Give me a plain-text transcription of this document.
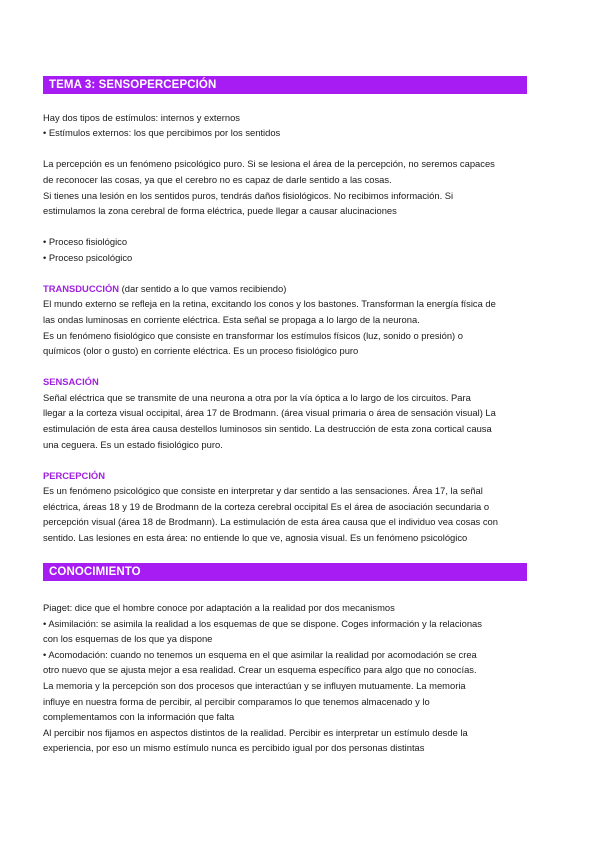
TEMA 3: SENSOPERCEPCIÓN
Hay dos tipos de estímulos: internos y externos
• Estímulos externos: los que percibimos por los sentidos
La percepción es un fenómeno psicológico puro. Si se lesiona el área de la percepción, no seremos capaces
de reconocer las cosas, ya que el cerebro no es capaz de darle sentido a las cosas.
Si tienes una lesión en los sentidos puros, tendrás daños fisiológicos. No recibimos información. Si
estimulamos la zona cerebral de forma eléctrica, puede llegar a causar alucinaciones
• Proceso fisiológico
• Proceso psicológico
TRANSDUCCIÓN (dar sentido a lo que vamos recibiendo)
El mundo externo se refleja en la retina, excitando los conos y los bastones. Transforman la energía física de
las ondas luminosas en corriente eléctrica. Esta señal se propaga a lo largo de la neurona.
Es un fenómeno fisiológico que consiste en transformar los estímulos físicos (luz, sonido o presión) o
químicos (olor o gusto) en corriente eléctrica. Es un proceso fisiológico puro
SENSACIÓN
Señal eléctrica que se transmite de una neurona a otra por la vía óptica a lo largo de los circuitos. Para
llegar a la corteza visual occipital, área 17 de Brodmann. (área visual primaria o área de sensación visual) La
estimulación de esta área causa destellos luminosos sin sentido. La destrucción de esta zona cortical causa
una ceguera. Es un estado fisiológico puro.
PERCEPCIÓN
Es un fenómeno psicológico que consiste en interpretar y dar sentido a las sensaciones. Área 17, la señal
eléctrica, áreas 18 y 19 de Brodmann de la corteza cerebral occipital Es el área de asociación secundaria o
percepción visual (área 18 de Brodmann). La estimulación de esta área causa que el individuo vea cosas con
sentido. Las lesiones en esta área: no entiende lo que ve, agnosia visual. Es un fenómeno psicológico
CONOCIMIENTO
Piaget: dice que el hombre conoce por adaptación a la realidad por dos mecanismos
• Asimilación: se asimila la realidad a los esquemas de que se dispone. Coges información y la relacionas
con los esquemas de los que ya dispone
• Acomodación: cuando no tenemos un esquema en el que asimilar la realidad por acomodación se crea
otro nuevo que se ajusta mejor a esa realidad. Crear un esquema específico para algo que no conocías.
La memoria y la percepción son dos procesos que interactúan y se influyen mutuamente. La memoria
influye en nuestra forma de percibir, al percibir comparamos lo que tenemos almacenado y lo
complementamos con la información que falta
Al percibir nos fijamos en aspectos distintos de la realidad. Percibir es interpretar un estímulo desde la
experiencia, por eso un mismo estímulo nunca es percibido igual por dos personas distintas
